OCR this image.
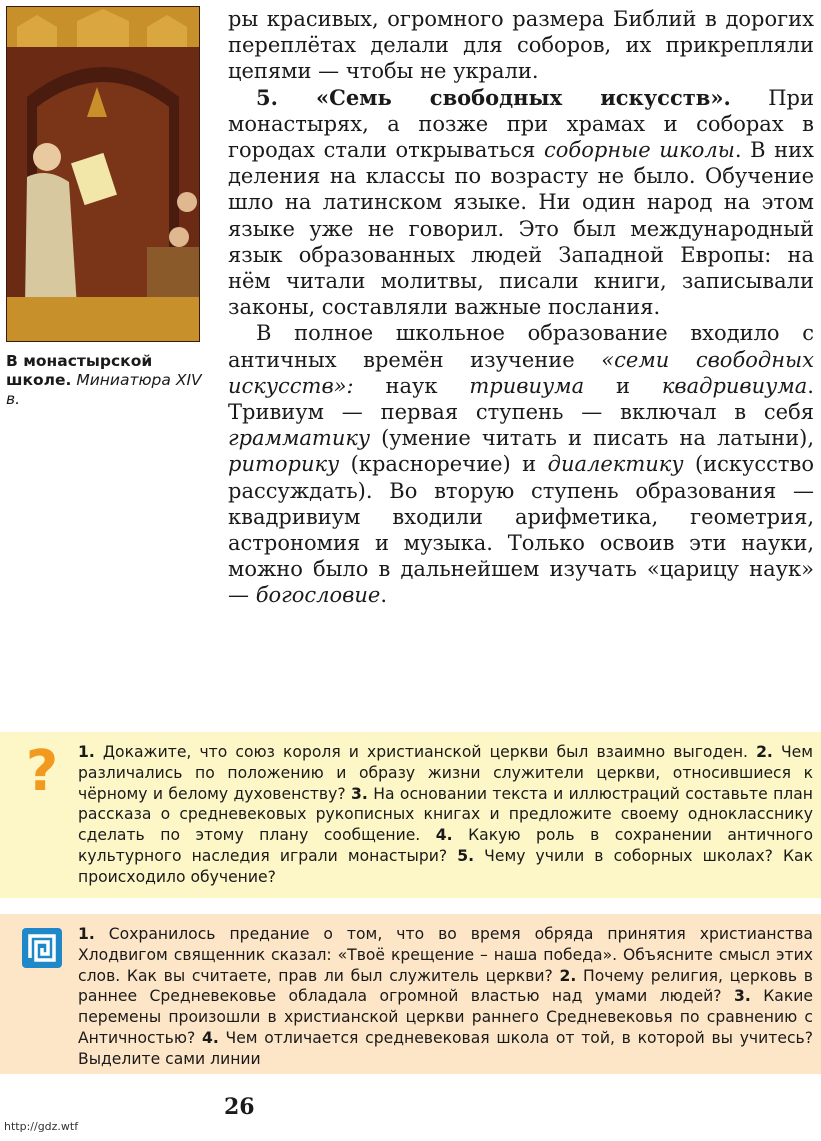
В монастырской школе. Миниатюра XIV в.

ры красивых, огромного размера Библий в дорогих переплётах делали для соборов, их прикрепляли цепями — чтобы не украли.

5. «Семь свободных искусств». При монастырях, а позже при храмах и соборах в городах стали открываться соборные школы. В них деления на классы по возрасту не было. Обучение шло на латинском языке. Ни один народ на этом языке уже не говорил. Это был международный язык образованных людей Западной Европы: на нём читали молитвы, писали книги, записывали законы, составляли важные послания.

В полное школьное образование входило с античных времён изучение «семи свободных искусств»: наук тривиума и квадривиума. Тривиум — первая ступень — включал в себя грамматику (умение читать и писать на латыни), риторику (красноречие) и диалектику (искусство рассуждать). Во вторую ступень образования — квадривиум входили арифметика, геометрия, астрономия и музыка. Только освоив эти науки, можно было в дальнейшем изучать «царицу наук» — богословие.

? 1. Докажите, что союз короля и христианской церкви был взаимно выгоден. 2. Чем различались по положению и образу жизни служители церкви, относившиеся к чёрному и белому духовенству? 3. На основании текста и иллюстраций составьте план рассказа о средневековых рукописных книгах и предложите своему однокласснику сделать по этому плану сообщение. 4. Какую роль в сохранении античного культурного наследия играли монастыри? 5. Чему учили в соборных школах? Как происходило обучение?
1. Сохранилось предание о том, что во время обряда принятия христианства Хлодвигом священник сказал: «Твоё крещение – наша победа». Объясните смысл этих слов. Как вы считаете, прав ли был служитель церкви? 2. Почему религия, церковь в раннее Средневековье обладала огромной властью над умами людей? 3. Какие перемены произошли в христианской церкви раннего Средневековья по сравнению с Античностью? 4. Чем отличается средневековая школа от той, в которой вы учитесь? Выделите сами линии
26
http://gdz.wtf
